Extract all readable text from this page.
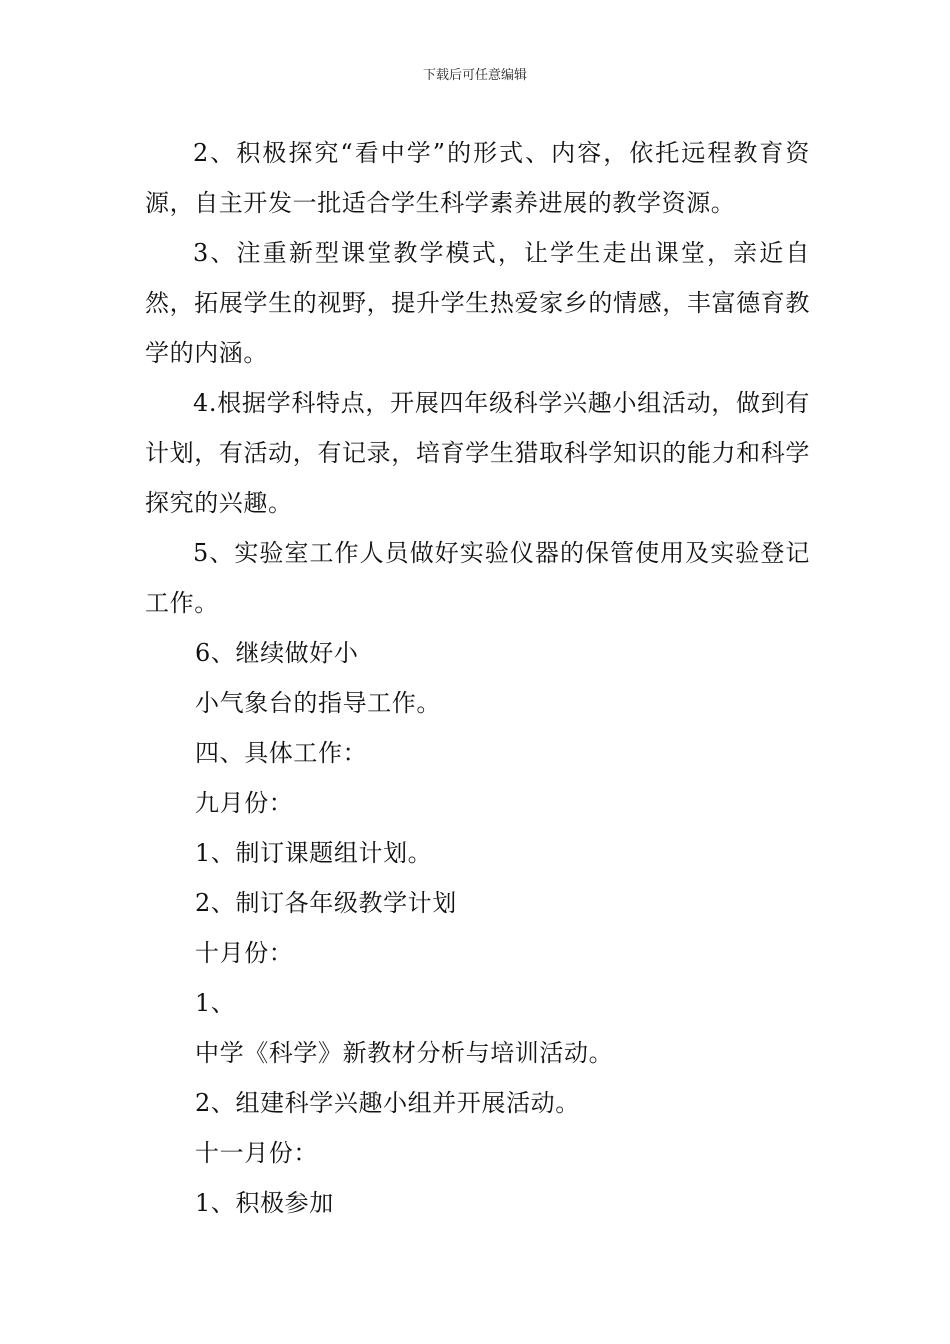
下载后可任意编辑

2、积极探究“看中学”的形式、内容，依托远程教育资源，自主开发一批适合学生科学素养进展的教学资源。

3、注重新型课堂教学模式，让学生走出课堂，亲近自然，拓展学生的视野，提升学生热爱家乡的情感，丰富德育教学的内涵。

4.根据学科特点，开展四年级科学兴趣小组活动，做到有计划，有活动，有记录，培育学生猎取科学知识的能力和科学探究的兴趣。

5、实验室工作人员做好实验仪器的保管使用及实验登记工作。

6、继续做好小

小气象台的指导工作。

四、具体工作：

九月份：

1、制订课题组计划。

2、制订各年级教学计划

十月份：

1、

中学《科学》新教材分析与培训活动。

2、组建科学兴趣小组并开展活动。

十一月份：

1、积极参加
